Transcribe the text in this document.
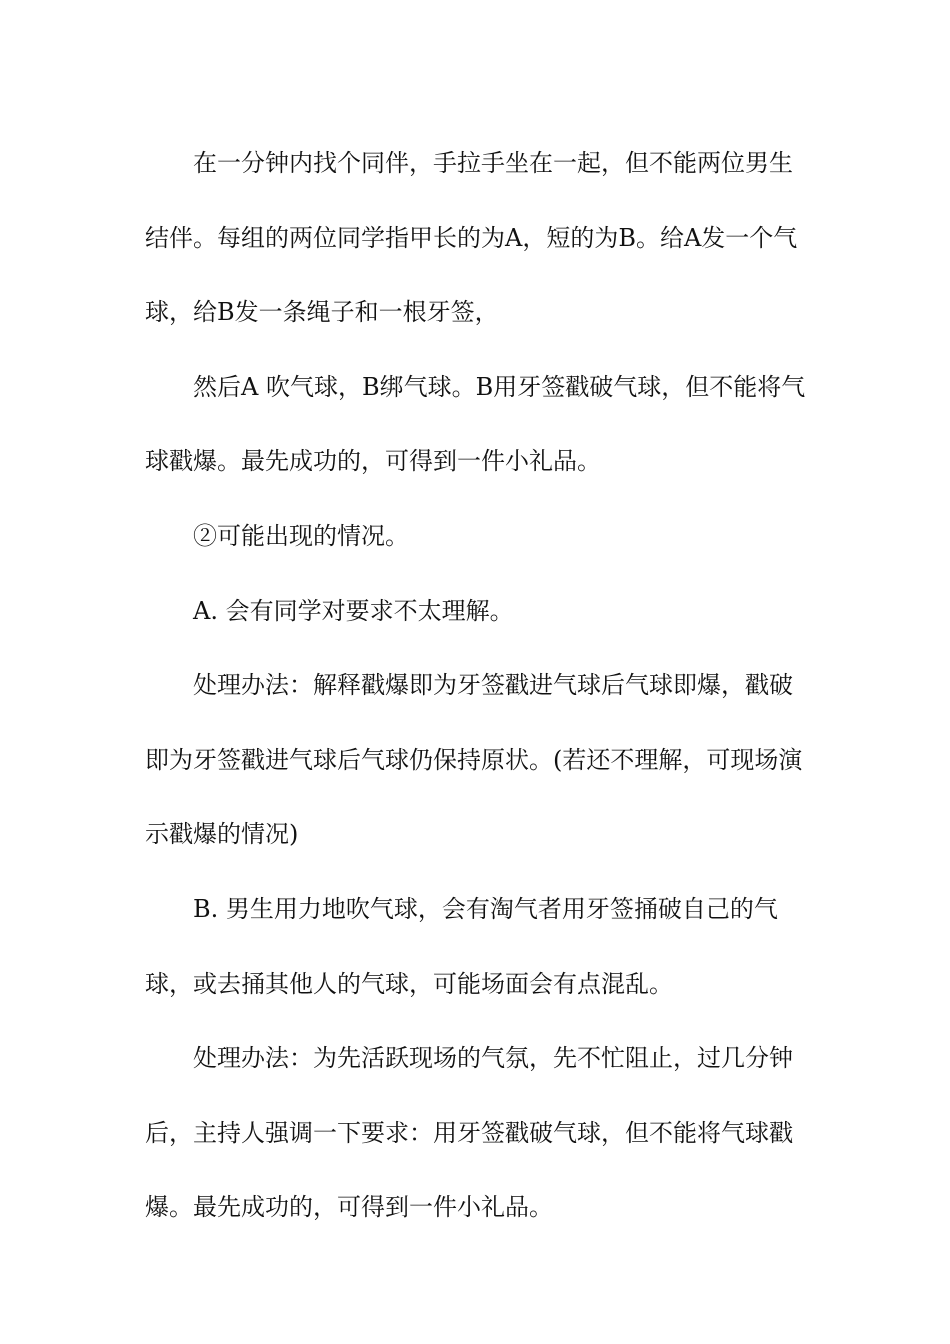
在一分钟内找个同伴，手拉手坐在一起，但不能两位男生结伴。每组的两位同学指甲长的为A，短的为B。给A发一个气球，给B发一条绳子和一根牙签，

然后A 吹气球，B绑气球。B用牙签戳破气球，但不能将气球戳爆。最先成功的，可得到一件小礼品。

②可能出现的情况。

A. 会有同学对要求不太理解。

处理办法：解释戳爆即为牙签戳进气球后气球即爆，戳破即为牙签戳进气球后气球仍保持原状。(若还不理解，可现场演示戳爆的情况)

B. 男生用力地吹气球，会有淘气者用牙签捅破自己的气球，或去捅其他人的气球，可能场面会有点混乱。

处理办法：为先活跃现场的气氛，先不忙阻止，过几分钟后，主持人强调一下要求：用牙签戳破气球，但不能将气球戳爆。最先成功的，可得到一件小礼品。
